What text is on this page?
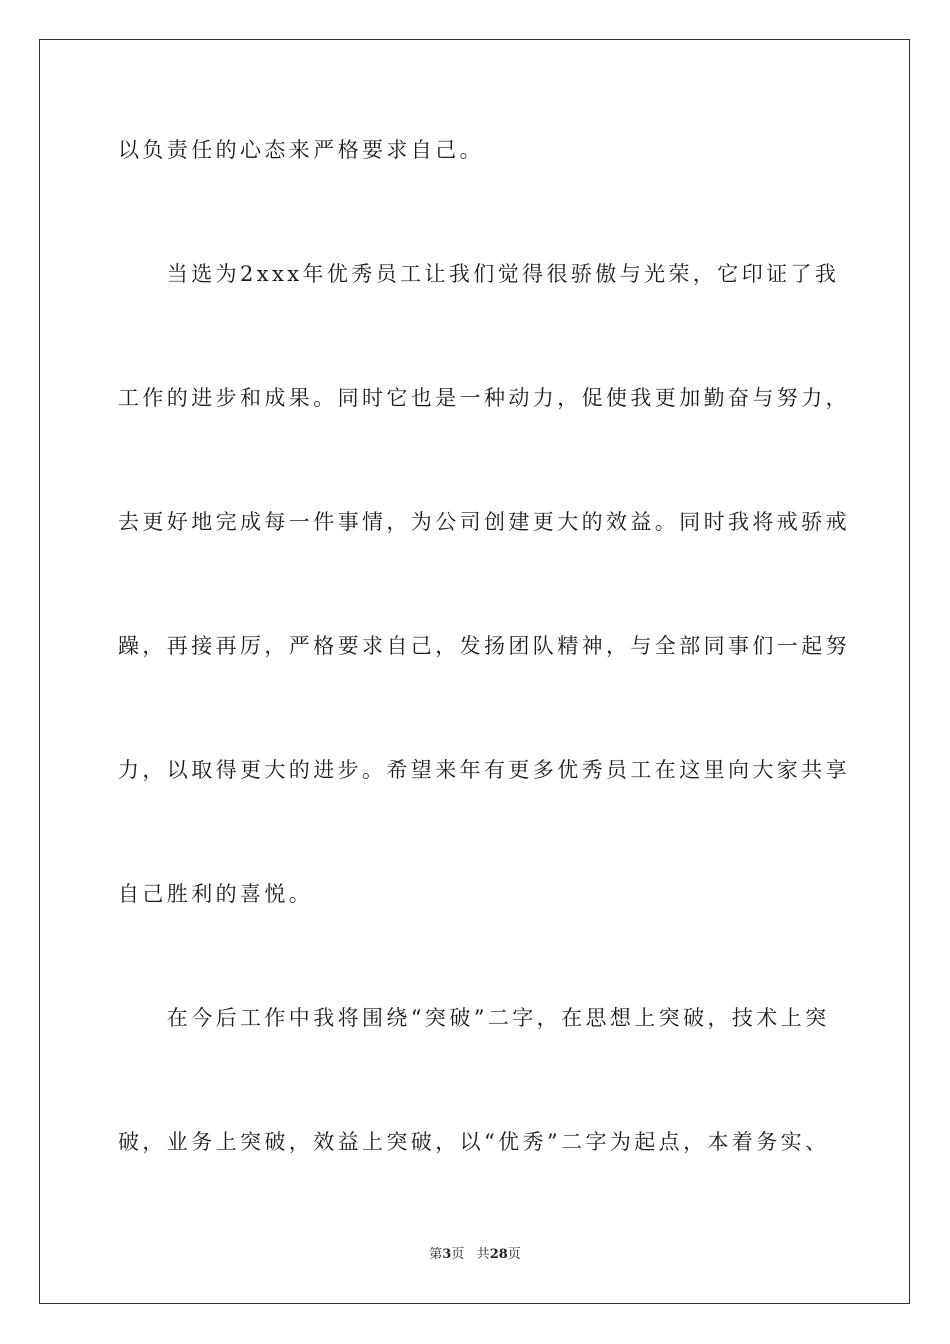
以负责任的心态来严格要求自己。
　　当选为2xxx年优秀员工让我们觉得很骄傲与光荣，它印证了我
工作的进步和成果。同时它也是一种动力，促使我更加勤奋与努力，
去更好地完成每一件事情，为公司创建更大的效益。同时我将戒骄戒
躁，再接再厉，严格要求自己，发扬团队精神，与全部同事们一起努
力，以取得更大的进步。希望来年有更多优秀员工在这里向大家共享
自己胜利的喜悦。
　　在今后工作中我将围绕“突破”二字，在思想上突破，技术上突
破，业务上突破，效益上突破，以“优秀”二字为起点，本着务实、
第3页 共28页
